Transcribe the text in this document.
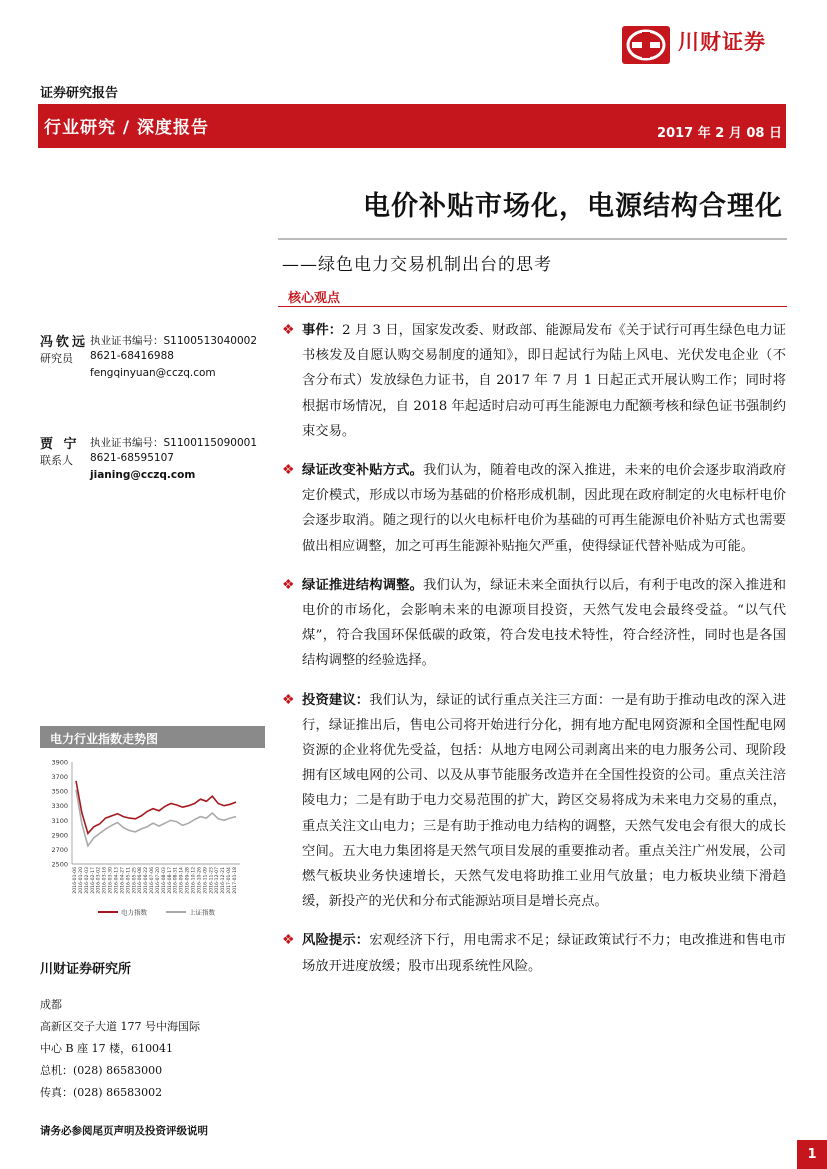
川财证券
证券研究报告
行业研究 / 深度报告	2017 年 2 月 08 日
电价补贴市场化，电源结构合理化
——绿色电力交易机制出台的思考
核心观点
冯钦远
研究员
执业证书编号：S1100513040002
8621-68416988
fengqinyuan@cczq.com
贾 宁
联系人
执业证书编号：S1100115090001
8621-68595107
jianing@cczq.com
电力行业指数走势图
3900
3700
3500
3300
3100
2900
2700
2500
2016-01-06 2016-01-20 2016-02-03 2016-02-17 2016-03-02 2016-03-16 2016-03-30 2016-04-13 2016-04-27 2016-05-11 2016-05-25 2016-06-08 2016-06-22 2016-07-06 2016-07-20 2016-08-03 2016-08-17 2016-08-31 2016-09-14 2016-09-28 2016-10-12 2016-10-26 2016-11-09 2016-11-23 2016-12-07 2016-12-21 2017-01-04 2017-01-18
电力指数	上证指数
川财证券研究所
成都
高新区交子大道 177 号中海国际
中心 B 座 17 楼，610041
总机：(028) 86583000
传真：(028) 86583002
❖ 事件：2 月 3 日，国家发改委、财政部、能源局发布《关于试行可再生绿色电力证书核发及自愿认购交易制度的通知》，即日起试行为陆上风电、光伏发电企业（不含分布式）发放绿色力证书，自 2017 年 7 月 1 日起正式开展认购工作；同时将根据市场情况，自 2018 年起适时启动可再生能源电力配额考核和绿色证书强制约束交易。
❖ 绿证改变补贴方式。我们认为，随着电改的深入推进，未来的电价会逐步取消政府定价模式，形成以市场为基础的价格形成机制，因此现在政府制定的火电标杆电价会逐步取消。随之现行的以火电标杆电价为基础的可再生能源电价补贴方式也需要做出相应调整，加之可再生能源补贴拖欠严重，使得绿证代替补贴成为可能。
❖ 绿证推进结构调整。我们认为，绿证未来全面执行以后，有利于电改的深入推进和电价的市场化，会影响未来的电源项目投资，天然气发电会最终受益。“以气代煤”，符合我国环保低碳的政策，符合发电技术特性，符合经济性，同时也是各国结构调整的经验选择。
❖ 投资建议：我们认为，绿证的试行重点关注三方面：一是有助于推动电改的深入进行，绿证推出后，售电公司将开始进行分化，拥有地方配电网资源和全国性配电网资源的企业将优先受益，包括：从地方电网公司剥离出来的电力服务公司、现阶段拥有区域电网的公司、以及从事节能服务改造并在全国性投资的公司。重点关注涪陵电力；二是有助于电力交易范围的扩大，跨区交易将成为未来电力交易的重点，重点关注文山电力；三是有助于推动电力结构的调整，天然气发电会有很大的成长空间。五大电力集团将是天然气项目发展的重要推动者。重点关注广州发展，公司燃气板块业务快速增长，天然气发电将助推工业用气放量；电力板块业绩下滑趋缓，新投产的光伏和分布式能源站项目是增长亮点。
❖ 风险提示：宏观经济下行，用电需求不足；绿证政策试行不力；电改推进和售电市场放开进度放缓；股市出现系统性风险。
请务必参阅尾页声明及投资评级说明
1
